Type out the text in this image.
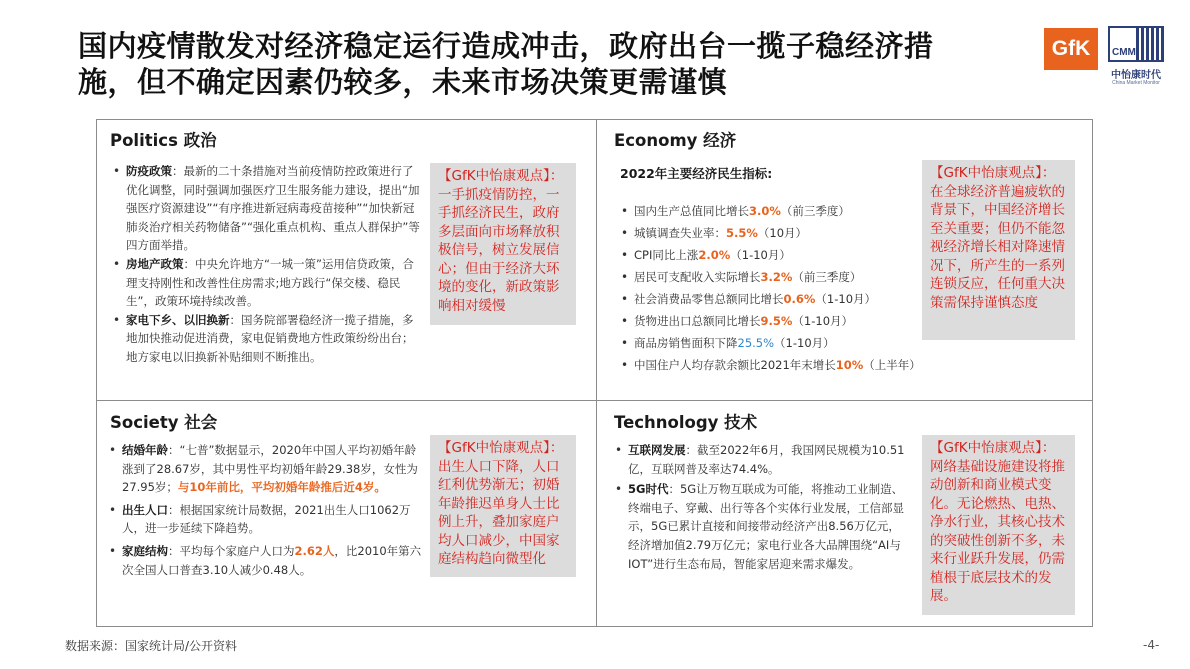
国内疫情散发对经济稳定运行造成冲击，政府出台一揽子稳经济措
施，但不确定因素仍较多，未来市场决策更需谨慎
GfK	CMM
中怡康时代
China Market Monitor
Politics 政治
• 防疫政策：最新的二十条措施对当前疫情防控政策进行了优化调整，同时强调加强医疗卫生服务能力建设，提出“加强医疗资源建设”“有序推进新冠病毒疫苗接种”“加快新冠肺炎治疗相关药物储备”“强化重点机构、重点人群保护”等四方面举措。
• 房地产政策：中央允许地方“一城一策”运用信贷政策，合理支持刚性和改善性住房需求;地方践行“保交楼、稳民生”，政策环境持续改善。
• 家电下乡、以旧换新：国务院部署稳经济一揽子措施，多地加快推动促进消费，家电促销费地方性政策纷纷出台；地方家电以旧换新补贴细则不断推出。
【GfK中怡康观点】：一手抓疫情防控，一手抓经济民生，政府多层面向市场释放积极信号，树立发展信心；但由于经济大环境的变化，新政策影响相对缓慢
Economy 经济
2022年主要经济民生指标:
• 国内生产总值同比增长3.0%（前三季度）
• 城镇调查失业率：5.5%（10月）
• CPI同比上涨2.0%（1-10月）
• 居民可支配收入实际增长3.2%（前三季度）
• 社会消费品零售总额同比增长0.6%（1-10月）
• 货物进出口总额同比增长9.5%（1-10月）
• 商品房销售面积下降25.5%（1-10月）
• 中国住户人均存款余额比2021年末增长10%（上半年）
【GfK中怡康观点】：在全球经济普遍疲软的背景下，中国经济增长至关重要；但仍不能忽视经济增长相对降速情况下，所产生的一系列连锁反应，任何重大决策需保持谨慎态度
Society 社会
• 结婚年龄：“七普”数据显示，2020年中国人平均初婚年龄涨到了28.67岁，其中男性平均初婚年龄29.38岁，女性为27.95岁；与10年前比，平均初婚年龄推后近4岁。
• 出生人口：根据国家统计局数据，2021出生人口1062万人，进一步延续下降趋势。
• 家庭结构：平均每个家庭户人口为2.62人，比2010年第六次全国人口普查3.10人减少0.48人。
【GfK中怡康观点】：出生人口下降，人口红利优势渐无；初婚年龄推迟单身人士比例上升，叠加家庭户均人口减少，中国家庭结构趋向微型化
Technology 技术
• 互联网发展：截至2022年6月，我国网民规模为10.51亿，互联网普及率达74.4%。
• 5G时代：5G让万物互联成为可能，将推动工业制造、终端电子、穿戴、出行等各个实体行业发展，工信部显示，5G已累计直接和间接带动经济产出8.56万亿元，经济增加值2.79万亿元；家电行业各大品牌围绕“AI与IOT”进行生态布局，智能家居迎来需求爆发。
【GfK中怡康观点】：网络基础设施建设将推动创新和商业模式变化。无论燃热、电热、净水行业，其核心技术的突破性创新不多，未来行业跃升发展，仍需植根于底层技术的发展。
数据来源：国家统计局/公开资料	-4-
